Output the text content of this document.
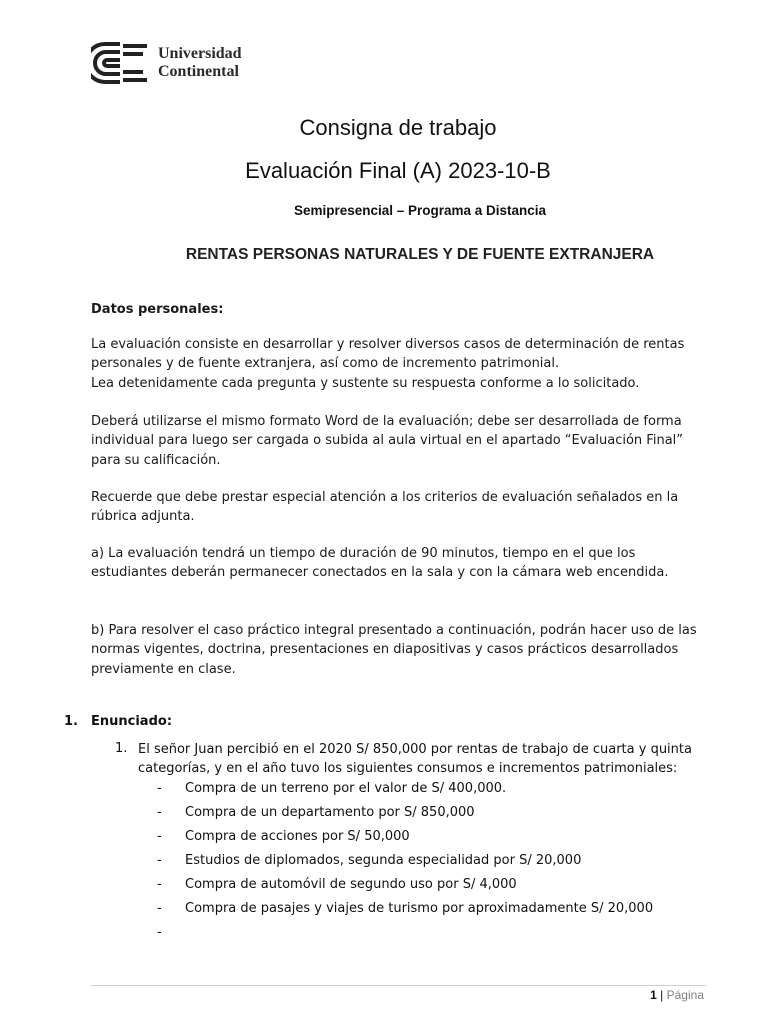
Universidad
Continental
Consigna de trabajo
Evaluación Final (A) 2023-10-B
Semipresencial – Programa a Distancia
RENTAS PERSONAS NATURALES Y DE FUENTE EXTRANJERA
Datos personales:
La evaluación consiste en desarrollar y resolver diversos casos de determinación de rentas personales y de fuente extranjera, así como de incremento patrimonial.
Lea detenidamente cada pregunta y sustente su respuesta conforme a lo solicitado.
Deberá utilizarse el mismo formato Word de la evaluación; debe ser desarrollada de forma individual para luego ser cargada o subida al aula virtual en el apartado “Evaluación Final” para su calificación.
Recuerde que debe prestar especial atención a los criterios de evaluación señalados en la rúbrica adjunta.
a) La evaluación tendrá un tiempo de duración de 90 minutos, tiempo en el que los estudiantes deberán permanecer conectados en la sala y con la cámara web encendida.
b) Para resolver el caso práctico integral presentado a continuación, podrán hacer uso de las normas vigentes, doctrina, presentaciones en diapositivas y casos prácticos desarrollados previamente en clase.
1. Enunciado:
1. El señor Juan percibió en el 2020 S/ 850,000 por rentas de trabajo de cuarta y quinta categorías, y en el año tuvo los siguientes consumos e incrementos patrimoniales:
-	Compra de un terreno por el valor de S/ 400,000.
-	Compra de un departamento por S/ 850,000
-	Compra de acciones por S/ 50,000
-	Estudios de diplomados, segunda especialidad por S/ 20,000
-	Compra de automóvil de segundo uso por S/ 4,000
-	Compra de pasajes y viajes de turismo por aproximadamente S/ 20,000
-
1 | Página
